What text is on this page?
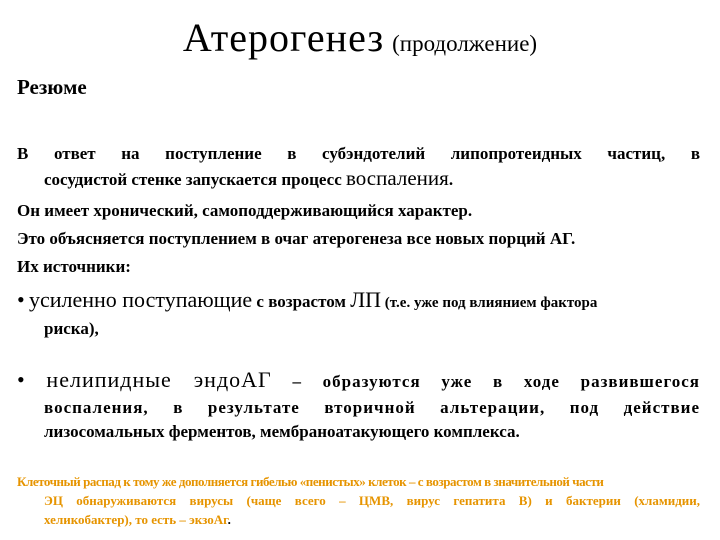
Атерогенез (продолжение)
Резюме
В ответ на поступление в субэндотелий липопротеидных частиц, в
сосудистой стенке запускается процесс воспаления.
Он имеет хронический, самоподдерживающийся характер.
Это объясняется поступлением в очаг атерогенеза все новых порций АГ.
Их источники:
• усиленно поступающие с возрастом ЛП (т.е. уже под влиянием фактора
риска),
• нелипидные эндоАГ – образуются уже в ходе развившегося
воспаления, в результате вторичной альтерации, под действие
лизосомальных ферментов, мембраноатакующего комплекса.
Клеточный распад к тому же дополняется гибелью «пенистых» клеток – с возрастом в значительной части
ЭЦ обнаруживаются вирусы (чаще всего – ЦМВ, вирус гепатита В) и бактерии (хламидии,
хеликобактер), то есть – экзоАг.
